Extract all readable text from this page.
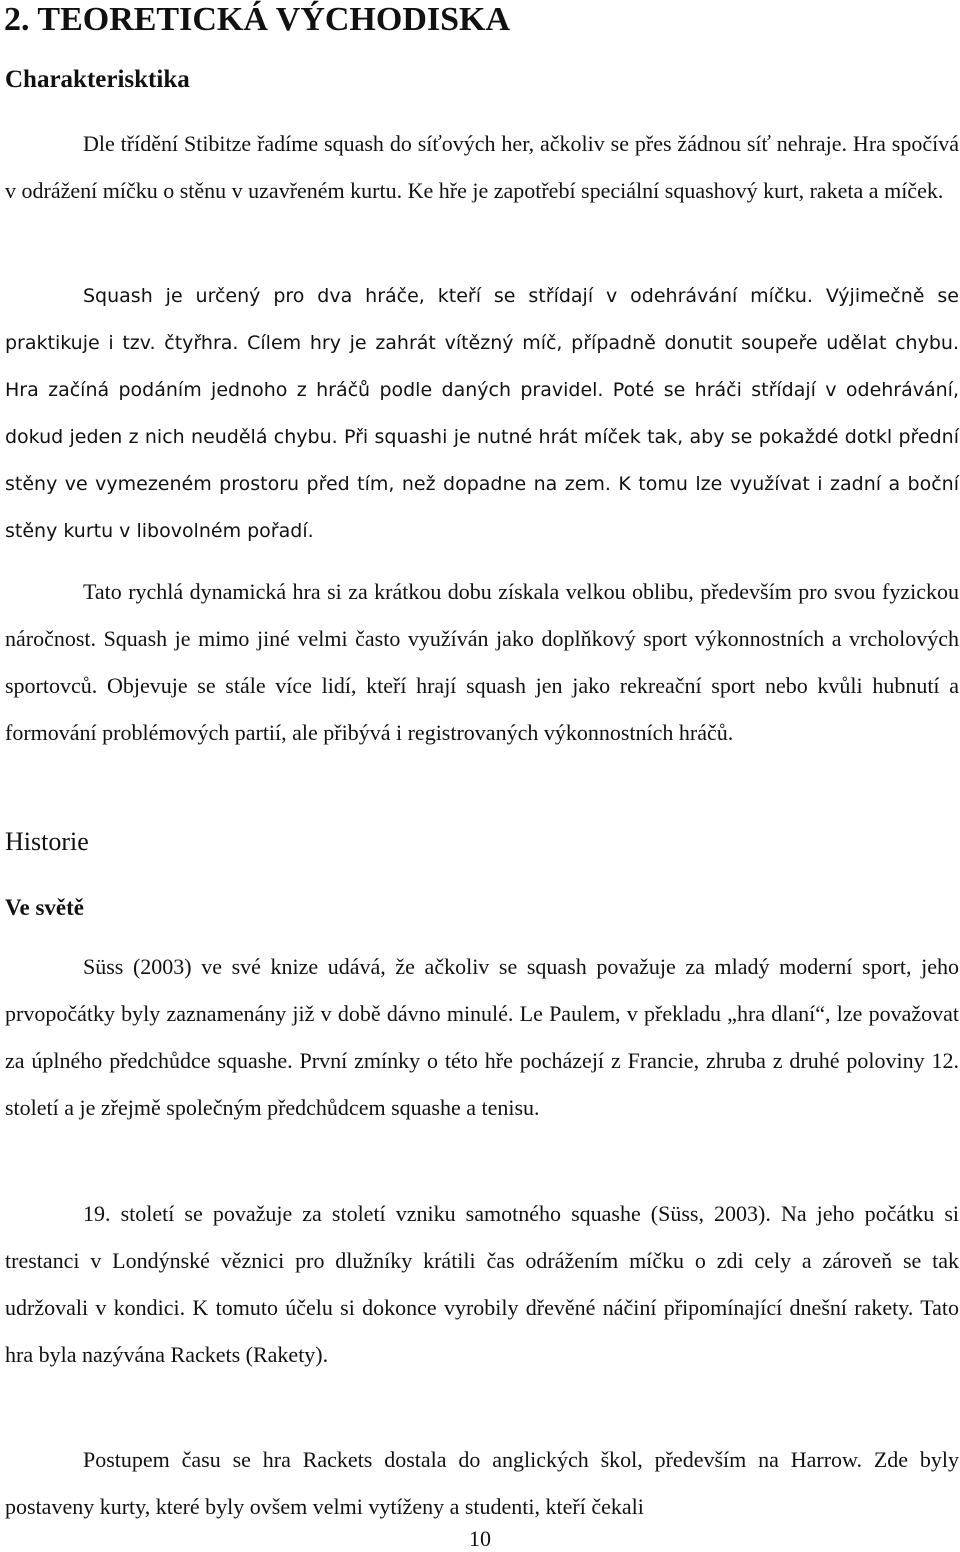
2. TEORETICKÁ VÝCHODISKA
Charakterisktika

Dle třídění Stibitze řadíme squash do síťových her, ačkoliv se přes žádnou síť nehraje. Hra spočívá v odrážení míčku o stěnu v uzavřeném kurtu. Ke hře je zapotřebí speciální squashový kurt, raketa a míček.

Squash je určený pro dva hráče, kteří se střídají v odehrávání míčku. Výjimečně se praktikuje i tzv. čtyřhra. Cílem hry je zahrát vítězný míč, případně donutit soupeře udělat chybu. Hra začíná podáním jednoho z hráčů podle daných pravidel. Poté se hráči střídají v odehrávání, dokud jeden z nich neudělá chybu. Při squashi je nutné hrát míček tak, aby se pokaždé dotkl přední stěny ve vymezeném prostoru před tím, než dopadne na zem. K tomu lze využívat i zadní a boční stěny kurtu v libovolném pořadí.

Tato rychlá dynamická hra si za krátkou dobu získala velkou oblibu, především pro svou fyzickou náročnost. Squash je mimo jiné velmi často využíván jako doplňkový sport výkonnostních a vrcholových sportovců. Objevuje se stále více lidí, kteří hrají squash jen jako rekreační sport nebo kvůli hubnutí a formování problémových partií, ale přibývá i registrovaných výkonnostních hráčů.

Historie
Ve světě

Süss (2003) ve své knize udává, že ačkoliv se squash považuje za mladý moderní sport, jeho prvopočátky byly zaznamenány již v době dávno minulé. Le Paulem, v překladu „hra dlaní“, lze považovat za úplného předchůdce squashe. První zmínky o této hře pocházejí z Francie, zhruba z druhé poloviny 12. století a je zřejmě společným předchůdcem squashe a tenisu.

19. století se považuje za století vzniku samotného squashe (Süss, 2003). Na jeho počátku si trestanci v Londýnské věznici pro dlužníky krátili čas odrážením míčku o zdi cely a zároveň se tak udržovali v kondici. K tomuto účelu si dokonce vyrobily dřevěné náčiní připomínající dnešní rakety. Tato hra byla nazývána Rackets (Rakety).

Postupem času se hra Rackets dostala do anglických škol, především na Harrow. Zde byly postaveny kurty, které byly ovšem velmi vytíženy a studenti, kteří čekali

10
